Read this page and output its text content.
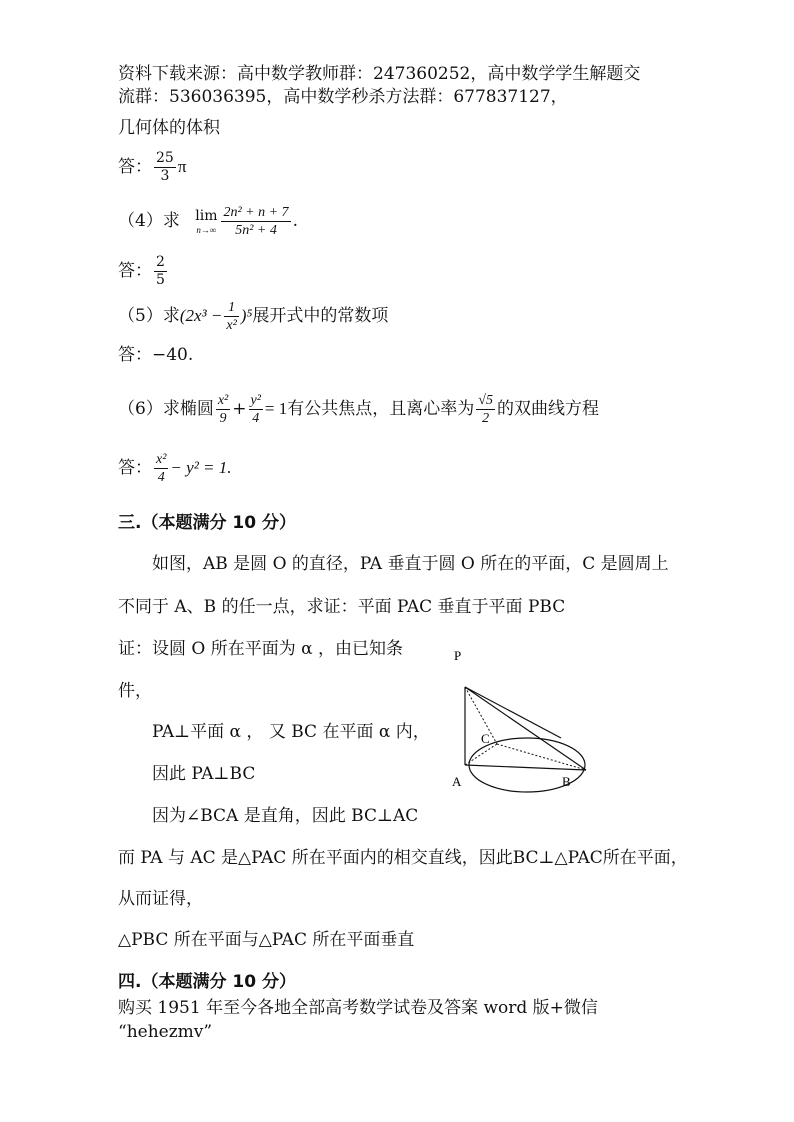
资料下载来源：高中数学教师群：247360252，高中数学学生解题交
流群：536036395，高中数学秒杀方法群：677837127，
几何体的体积
答： $\frac{25}{3}$ π
（4）求 lim
$n\to\infty \frac{\text{2n² + n + 7}}{\text{5n² + 4}}$ .
答： $\frac{2}{5}$
（5）求$(2x^3 - \frac{1}{\text{x²}} )^5$展开式中的常数项
答：−40.
（6）求椭圆 $\frac{\text{x²}}{9} + \frac{\text{y²}}{4} = 1$有公共焦点，且离心率为 $\frac{√5}{2}$ 的双曲线方程
答： $\frac{\text{x²}}{4} - y^2 = 1$.
三.（本题满分 10 分）
如图，AB 是圆 O 的直径，PA 垂直于圆 O 所在的平面，C 是圆周上
不同于 A、B 的任一点，求证：平面 PAC 垂直于平面 PBC
证：设圆 O 所在平面为 α ，由已知条
件，
PA⊥平面 α ， 又 BC 在平面 α 内，
因此 PA⊥BC
因为∠BCA 是直角，因此 BC⊥AC
而 PA 与 AC 是△PAC 所在平面内的相交直线，因此BC⊥△PAC所在平面，
从而证得，
△PBC 所在平面与△PAC 所在平面垂直
P
A	B
C
四.（本题满分 10 分）
购买 1951 年至今各地全部高考数学试卷及答案 word 版+微信
“hehezmv”
